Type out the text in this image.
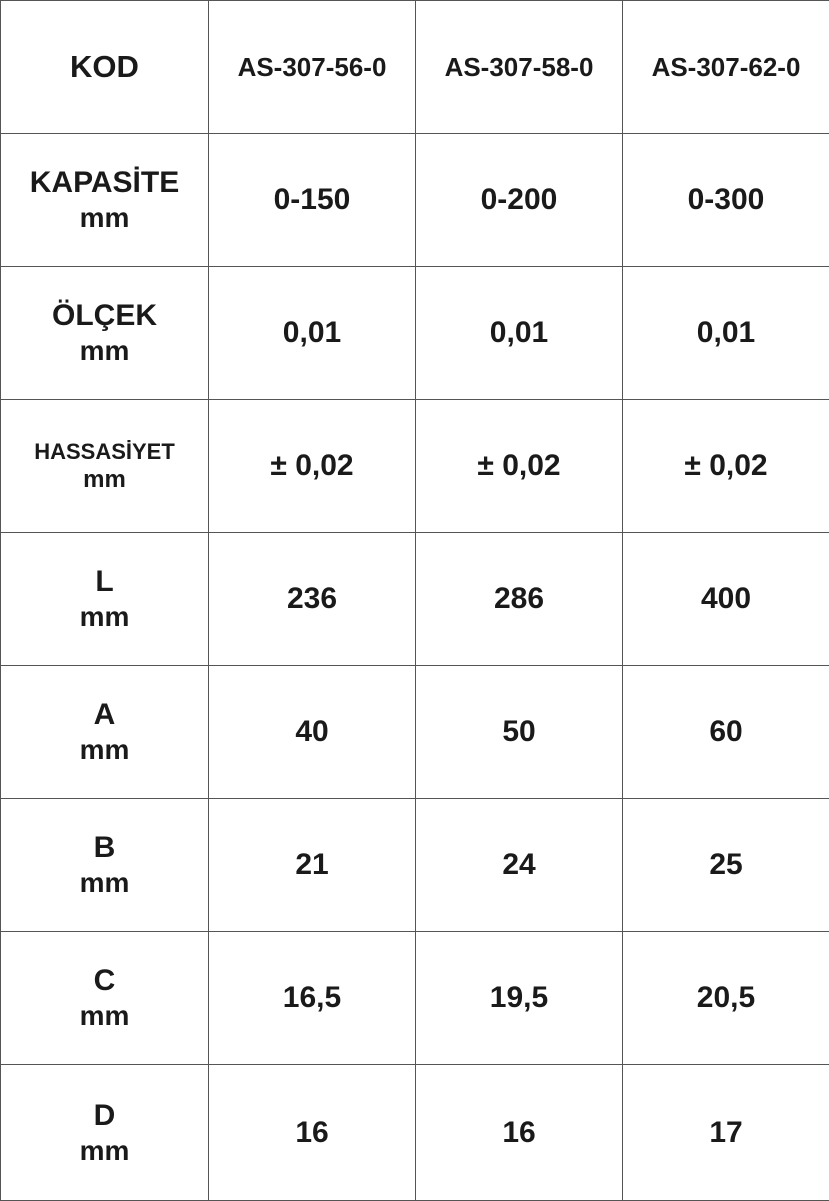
KOD	AS-307-56-0	AS-307-58-0	AS-307-62-0

KAPASİTE
mm	0-150	0-200	0-300

ÖLÇEK
mm	0,01	0,01	0,01

HASSASİYET
mm	± 0,02	± 0,02	± 0,02

L
mm	236	286	400

A
mm	40	50	60

B
mm	21	24	25

C
mm	16,5	19,5	20,5

D
mm	16	16	17
